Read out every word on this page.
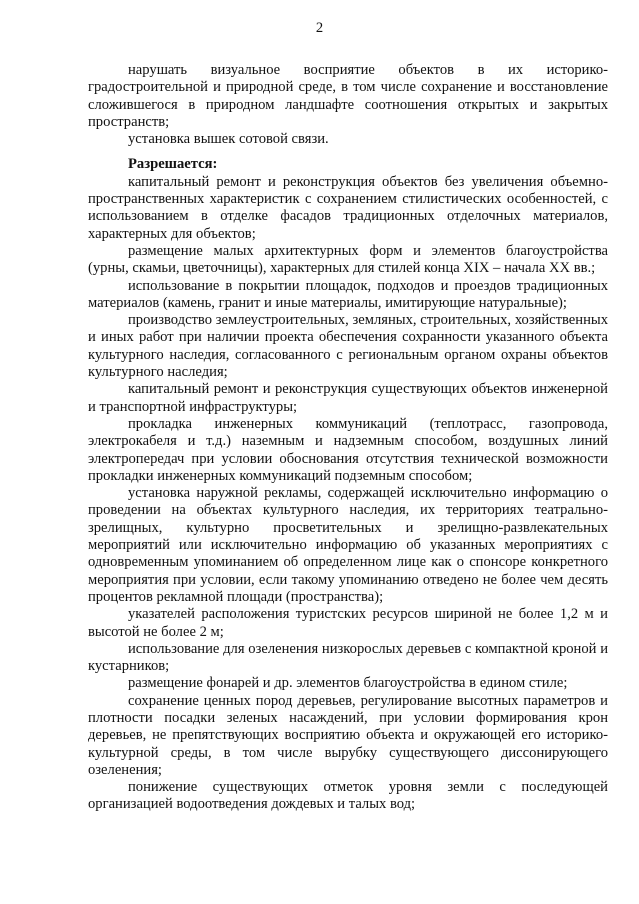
2

нарушать визуальное восприятие объектов в их историко-градостроительной и природной среде, в том числе сохранение и восстановление сложившегося в природном ландшафте соотношения открытых и закрытых пространств;

установка вышек сотовой связи.

Разрешается:

капитальный ремонт и реконструкция объектов без увеличения объемно-пространственных характеристик с сохранением стилистических особенностей, с использованием в отделке фасадов традиционных отделочных материалов, характерных для объектов;

размещение малых архитектурных форм и элементов благоустройства (урны, скамьи, цветочницы), характерных для стилей конца XIX – начала XX вв.;

использование в покрытии площадок, подходов и проездов традиционных материалов (камень, гранит и иные материалы, имитирующие натуральные);

производство землеустроительных, земляных, строительных, хозяйственных и иных работ при наличии проекта обеспечения сохранности указанного объекта культурного наследия, согласованного с региональным органом охраны объектов культурного наследия;

капитальный ремонт и реконструкция существующих объектов инженерной и транспортной инфраструктуры;

прокладка инженерных коммуникаций (теплотрасс, газопровода, электрокабеля и т.д.) наземным и надземным способом, воздушных линий электропередач при условии обоснования отсутствия технической возможности прокладки инженерных коммуникаций подземным способом;

установка наружной рекламы, содержащей исключительно информацию о проведении на объектах культурного наследия, их территориях театрально-зрелищных, культурно просветительных и зрелищно-развлекательных мероприятий или исключительно информацию об указанных мероприятиях с одновременным упоминанием об определенном лице как о спонсоре конкретного мероприятия при условии, если такому упоминанию отведено не более чем десять процентов рекламной площади (пространства);

указателей расположения туристских ресурсов шириной не более 1,2 м и высотой не более 2 м;

использование для озеленения низкорослых деревьев с компактной кроной и кустарников;

размещение фонарей и др. элементов благоустройства в едином стиле;

сохранение ценных пород деревьев, регулирование высотных параметров и плотности посадки зеленых насаждений, при условии формирования крон деревьев, не препятствующих восприятию объекта и окружающей его историко-культурной среды, в том числе вырубку существующего диссонирующего озеленения;

понижение существующих отметок уровня земли с последующей организацией водоотведения дождевых и талых вод;
